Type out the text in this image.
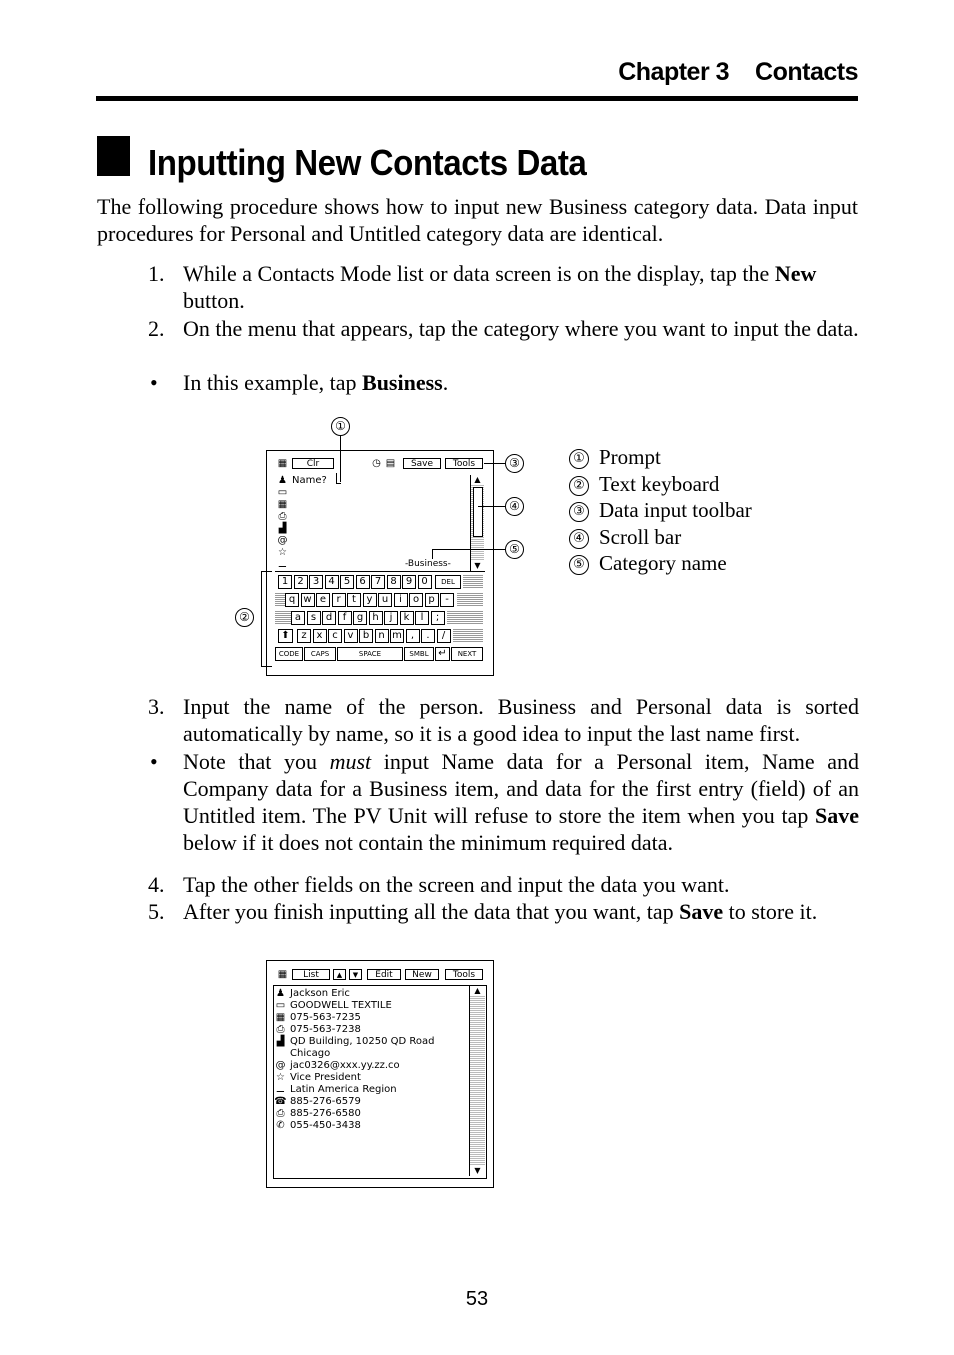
Chapter 3 Contacts
Inputting New Contacts Data
The following procedure shows how to input new Business category data. Data input procedures for Personal and Untitled category data are identical.
1. While a Contacts Mode list or data screen is on the display, tap the New button.
2. On the menu that appears, tap the category where you want to input the data.
• In this example, tap Business.
▦	Clr	◷ ▤	Save	Tools
♟
▭
▦
⎙
▟
@
☆
⚊
Name?	▲
▼
-Business-
1 2 3 4 5 6 7 8 9 0	DEL
q w e	r	t	y u	i	o p	-
a s d	f	g h	j	k	l	;
⬆	z x c v b n m ,	.	/
CODE	CAPS	SPACE	SMBL ↵	NEXT
①
③
④
⑤
②
① Prompt
② Text keyboard
③ Data input toolbar
④ Scroll bar
⑤ Category name
3. Input the name of the person. Business and Personal data is sorted automatically by name, so it is a good idea to input the last name first.
• Note that you must input Name data for a Personal item, Name and Company data for a Business item, and data for the first entry (field) of an Untitled item. The PV Unit will refuse to store the item when you tap Save below if it does not contain the minimum required data.
4. Tap the other fields on the screen and input the data you want.
5. After you finish inputting all the data that you want, tap Save to store it.
▦	List	▲	▼	Edit	New	Tools
♟ Jackson Eric
▭ GOODWELL TEXTILE
▦ 075-563-7235
⎙ 075-563-7238
▟ QD Building, 10250 QD Road
Chicago
@ jac0326@xxx.yy.zz.co
☆ Vice President
⚊ Latin America Region
☎ 885-276-6579
⎙ 885-276-6580
✆ 055-450-3438
▲
▼
53
